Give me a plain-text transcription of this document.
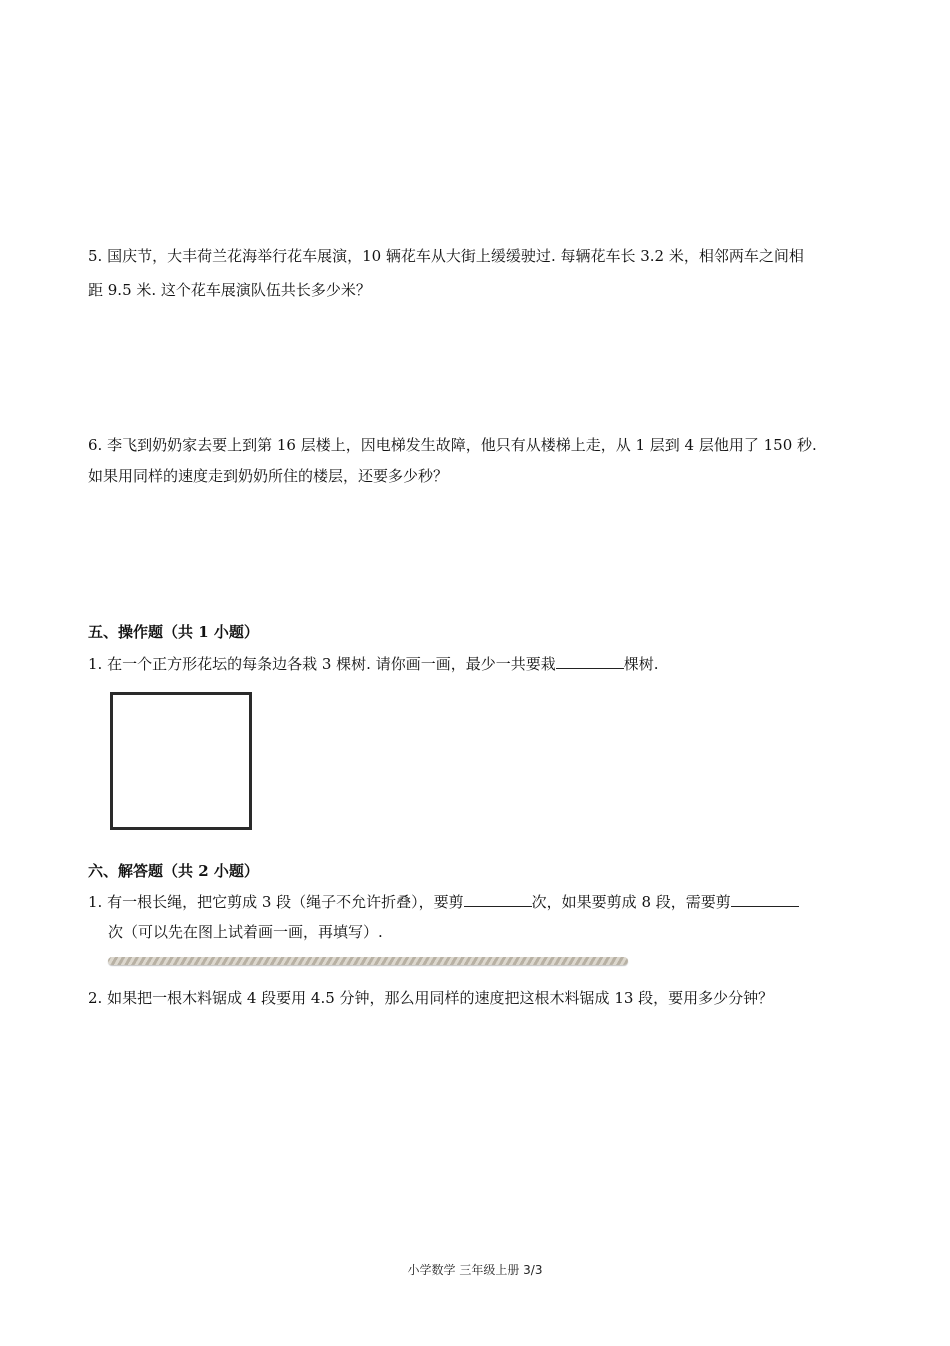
5. 国庆节，大丰荷兰花海举行花车展演，10 辆花车从大街上缓缓驶过. 每辆花车长 3.2 米，相邻两车之间相
距 9.5 米. 这个花车展演队伍共长多少米？
6. 李飞到奶奶家去要上到第 16 层楼上，因电梯发生故障，他只有从楼梯上走，从 1 层到 4 层他用了 150 秒.
如果用同样的速度走到奶奶所住的楼层，还要多少秒？
五、操作题（共 1 小题）
1. 在一个正方形花坛的每条边各栽 3 棵树. 请你画一画，最少一共要栽	棵树.
六、解答题（共 2 小题）
1. 有一根长绳，把它剪成 3 段（绳子不允许折叠），要剪	次，如果要剪成 8 段，需要剪
次（可以先在图上试着画一画，再填写）.
2. 如果把一根木料锯成 4 段要用 4.5 分钟，那么用同样的速度把这根木料锯成 13 段，要用多少分钟？
小学数学 三年级上册 3/3
